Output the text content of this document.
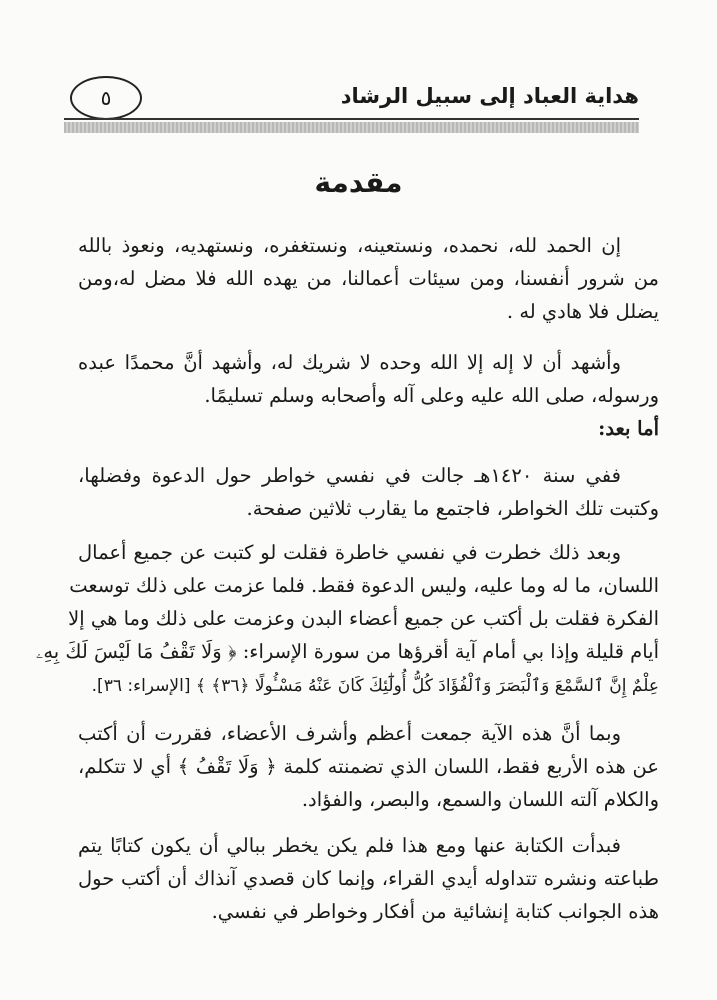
هداية العباد إلى سبيل الرشاد
٥
مقدمة
إن الحمد لله، نحمده، ونستعينه، ونستغفره، ونستهديه، ونعوذ بالله
من شرور أنفسنا، ومن سيئات أعمالنا، من يهده الله فلا مضل له،ومن
يضلل فلا هادي له .
وأشهد أن لا إله إلا الله وحده لا شريك له، وأشهد أنَّ محمدًا عبده
ورسوله، صلى الله عليه وعلى آله وأصحابه وسلم تسليمًا.
أما بعد:
ففي سنة ١٤٢٠هـ جالت في نفسي خواطر حول الدعوة وفضلها،
وكتبت تلك الخواطر، فاجتمع ما يقارب ثلاثين صفحة.
وبعد ذلك خطرت في نفسي خاطرة فقلت لو كتبت عن جميع أعمال
اللسان، ما له وما عليه، وليس الدعوة فقط. فلما عزمت على ذلك توسعت
الفكرة فقلت بل أكتب عن جميع أعضاء البدن وعزمت على ذلك وما هي إلا
أيام قليلة وإذا بي أمام آية أقرؤها من سورة الإسراء: ﴿ وَلَا تَقْفُ مَا لَيْسَ لَكَ بِهِۦ
عِلْمٌ إِنَّ ٱلسَّمْعَ وَٱلْبَصَرَ وَٱلْفُؤَادَ كُلُّ أُولَٰٓئِكَ كَانَ عَنْهُ مَسْـُٔولًا ﴿٣٦﴾ ﴾ [الإسراء: ٣٦].
وبما أنَّ هذه الآية جمعت أعظم وأشرف الأعضاء، فقررت أن أكتب
عن هذه الأربع فقط، اللسان الذي تضمنته كلمة ﴿ وَلَا تَقْفُ ﴾ أي لا تتكلم،
والكلام آلته اللسان والسمع، والبصر، والفؤاد.
فبدأت الكتابة عنها ومع هذا فلم يكن يخطر ببالي أن يكون كتابًا يتم
طباعته ونشره تتداوله أيدي القراء، وإنما كان قصدي آنذاك أن أكتب حول
هذه الجوانب كتابة إنشائية من أفكار وخواطر في نفسي.
